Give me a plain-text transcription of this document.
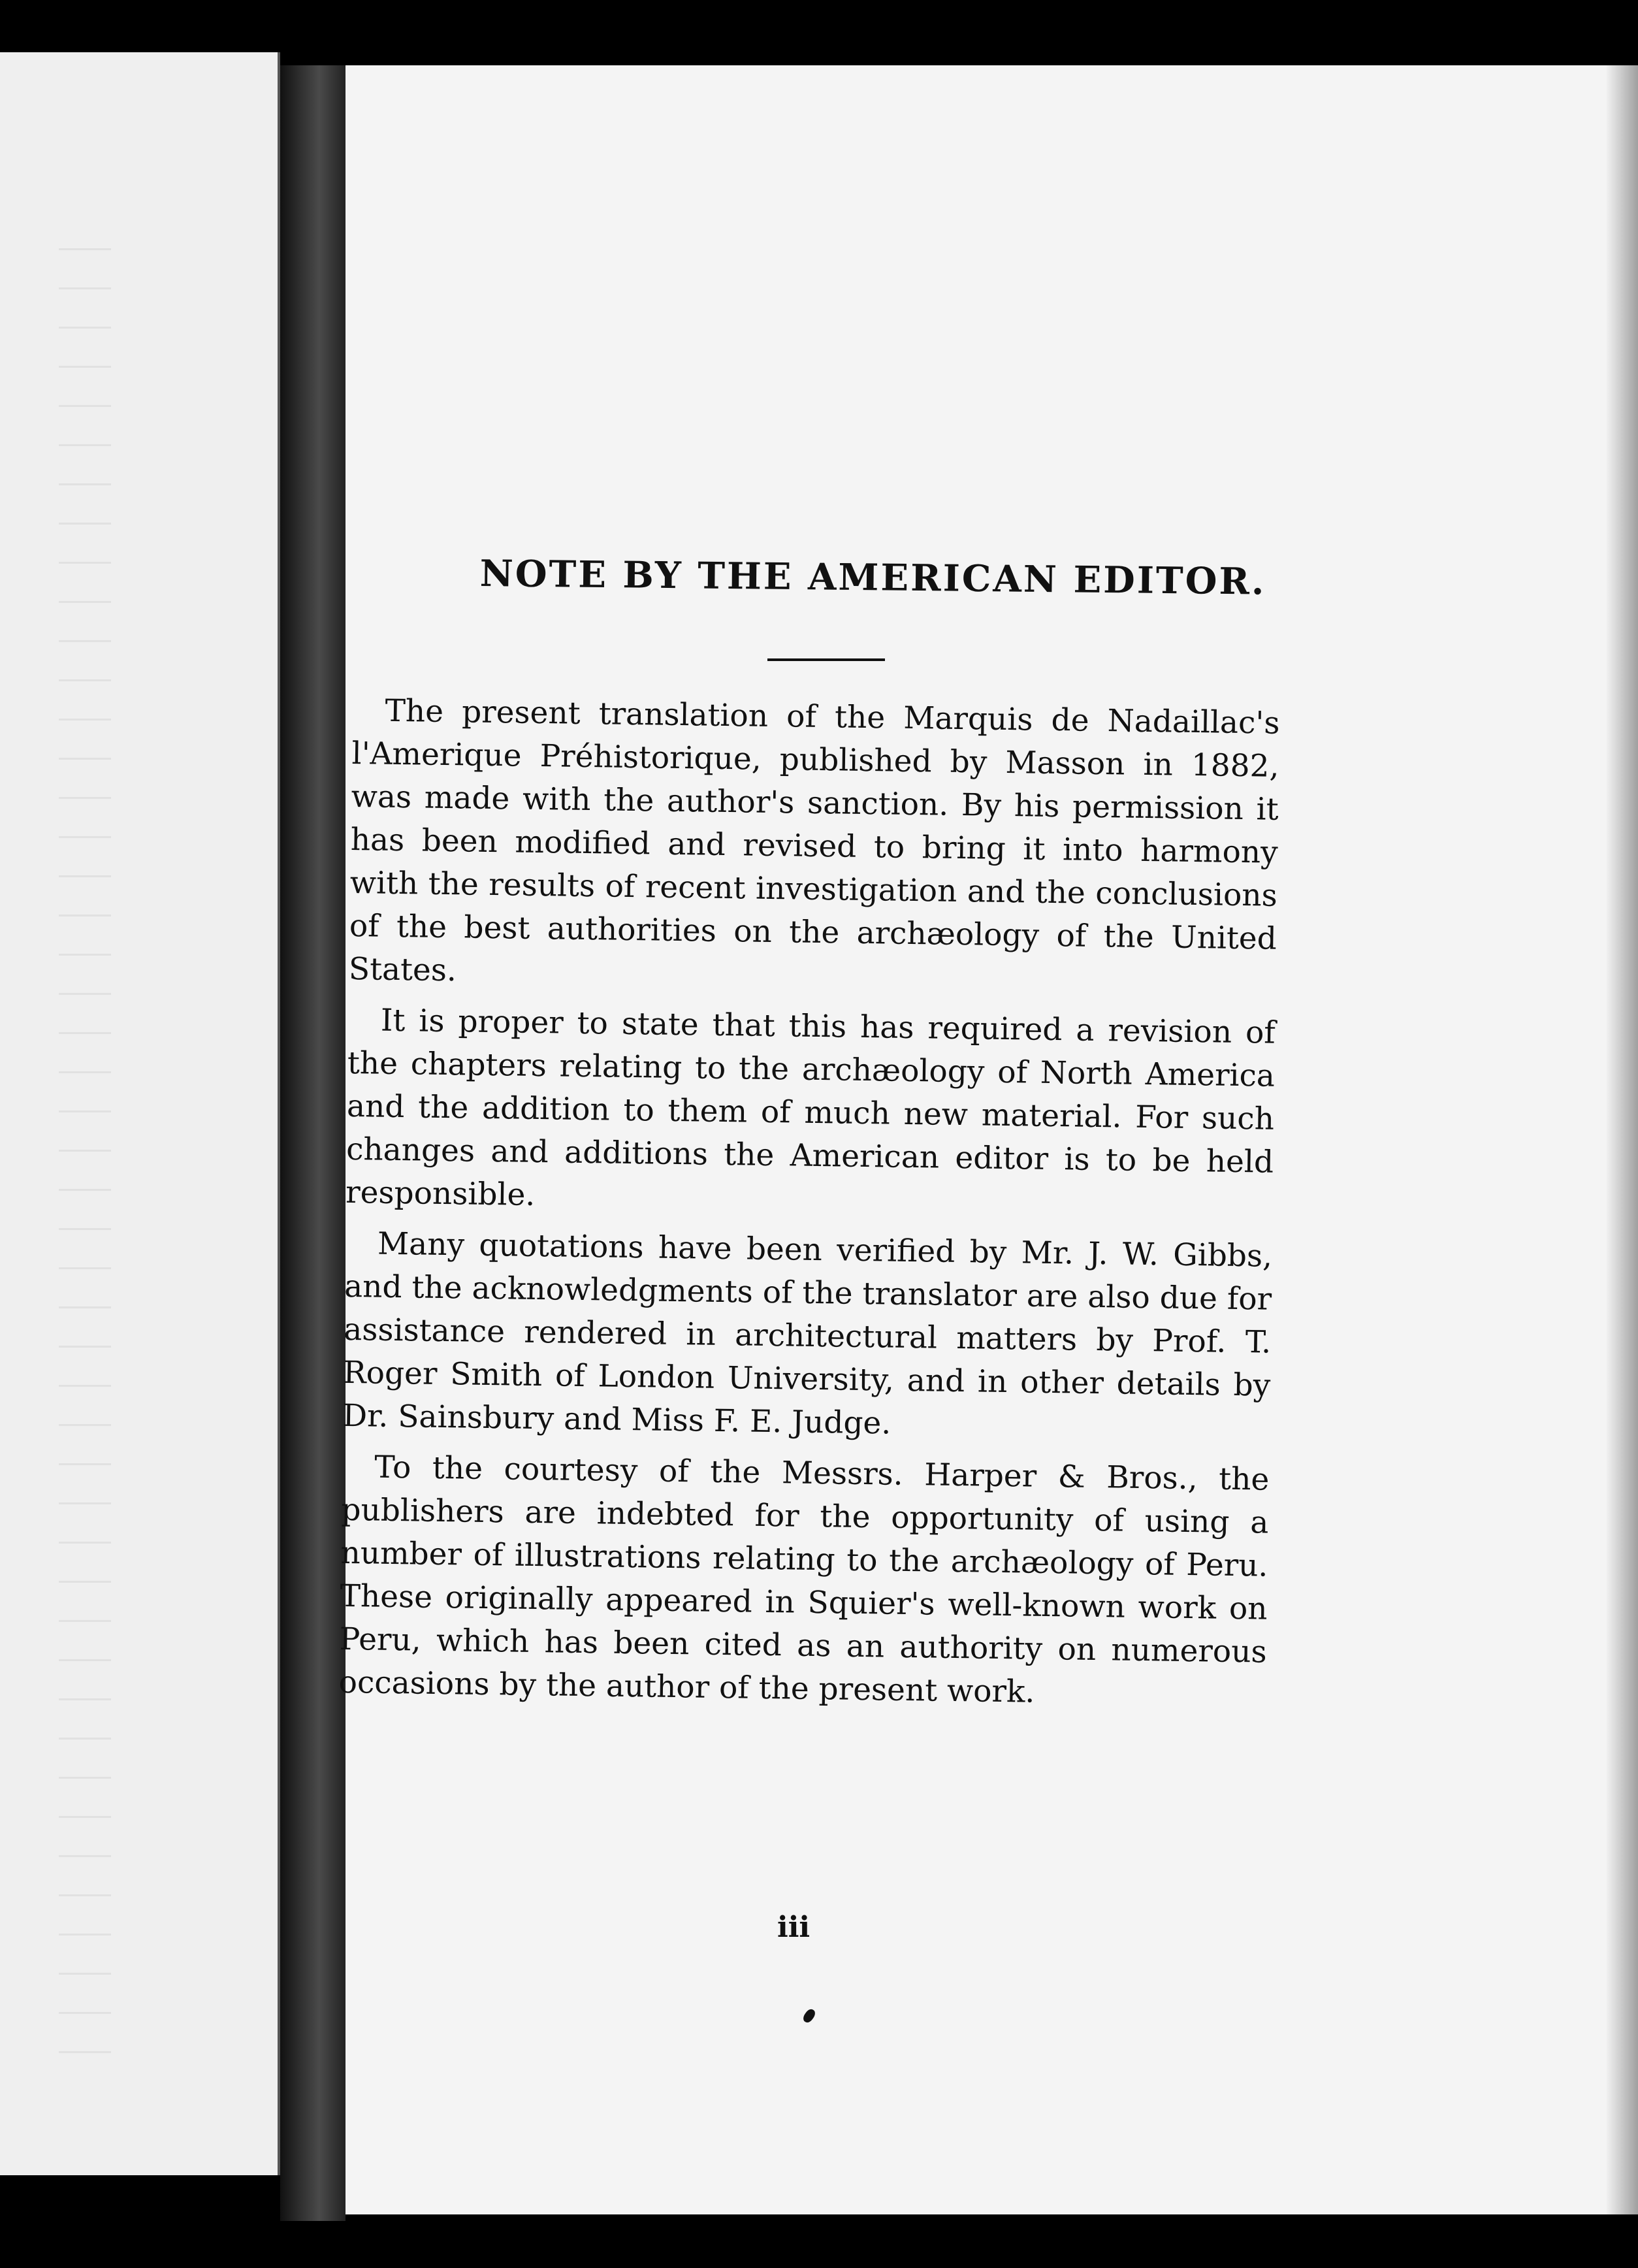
NOTE BY THE AMERICAN EDITOR.

The present translation of the Marquis de Nadaillac's l'Amerique Préhistorique, published by Masson in 1882, was made with the author's sanction. By his permission it has been modified and revised to bring it into harmony with the results of recent investigation and the conclusions of the best authorities on the archæology of the United States.

It is proper to state that this has required a revision of the chapters relating to the archæology of North America and the addition to them of much new material. For such changes and additions the American editor is to be held responsible.

Many quotations have been verified by Mr. J. W. Gibbs, and the acknowledgments of the translator are also due for assistance rendered in architectural matters by Prof. T. Roger Smith of London University, and in other details by Dr. Sainsbury and Miss F. E. Judge.

To the courtesy of the Messrs. Harper & Bros., the publishers are indebted for the opportunity of using a number of illustrations relating to the archæology of Peru. These originally appeared in Squier's well-known work on Peru, which has been cited as an authority on numerous occasions by the author of the present work.

iii
